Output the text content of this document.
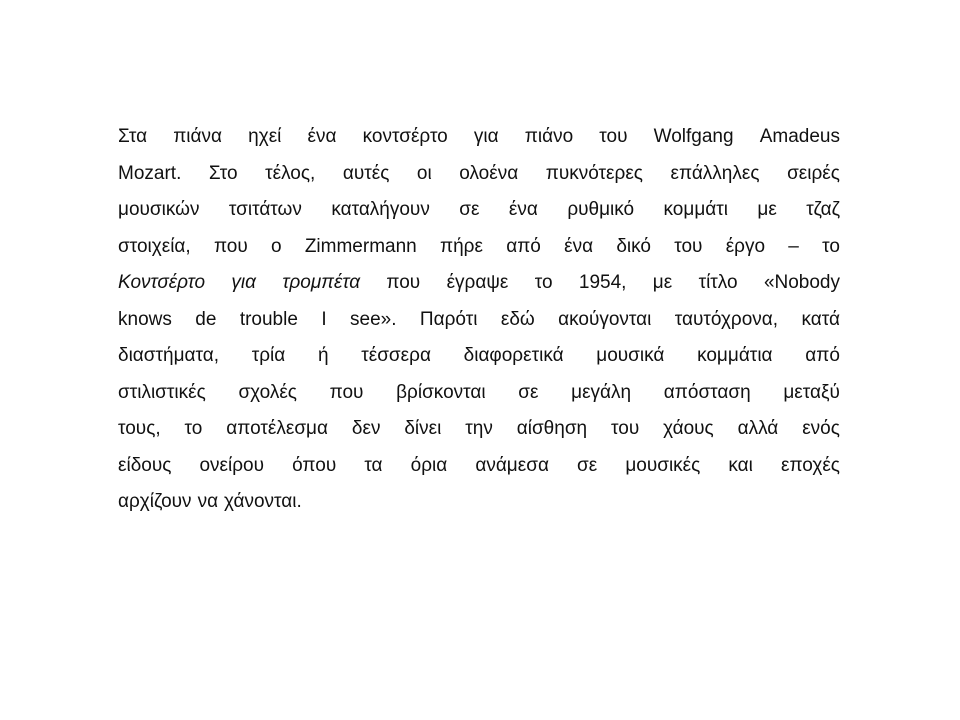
Στα πιάνα ηχεί ένα κοντσέρτο για πιάνο του Wolfgang Amadeus
Mozart. Στο τέλος, αυτές οι ολοένα πυκνότερες επάλληλες σειρές
μουσικών τσιτάτων καταλήγουν σε ένα ρυθμικό κομμάτι με τζαζ
στοιχεία, που ο Zimmermann πήρε από ένα δικό του έργο – το
Κοντσέρτο για τρομπέτα που έγραψε το 1954, με τίτλο «Nobody
knows de trouble I see». Παρότι εδώ ακούγονται ταυτόχρονα, κατά
διαστήματα, τρία ή τέσσερα διαφορετικά μουσικά κομμάτια από
στιλιστικές σχολές που βρίσκονται σε μεγάλη απόσταση μεταξύ
τους, το αποτέλεσμα δεν δίνει την αίσθηση του χάους αλλά ενός
είδους ονείρου όπου τα όρια ανάμεσα σε μουσικές και εποχές
αρχίζουν να χάνονται.
